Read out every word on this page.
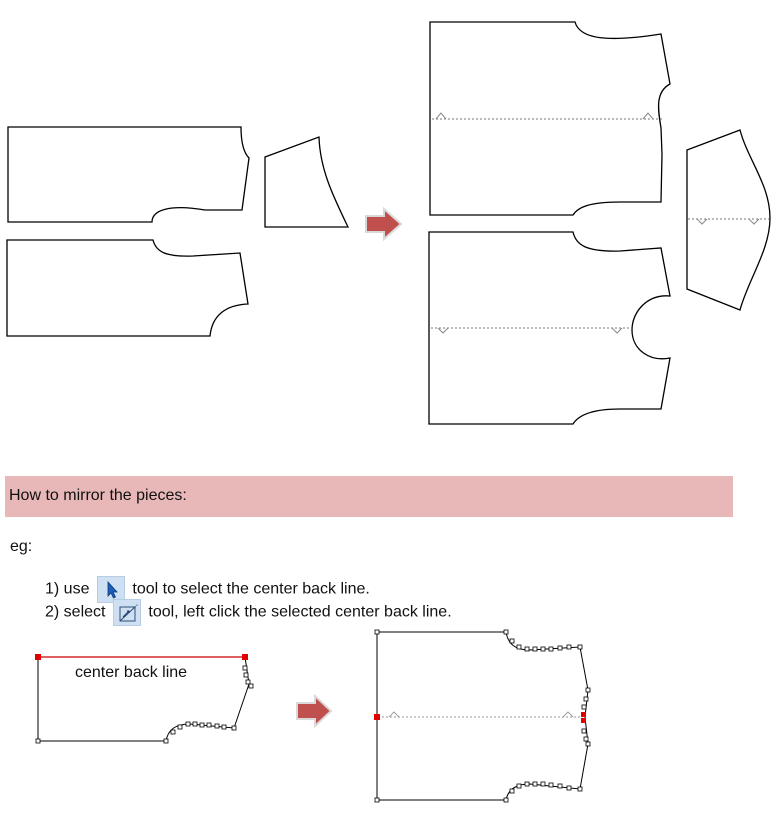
How to mirror the pieces:
eg:
1) use	tool to select the center back line.
2) select	tool, left click the selected center back line.
center back line
